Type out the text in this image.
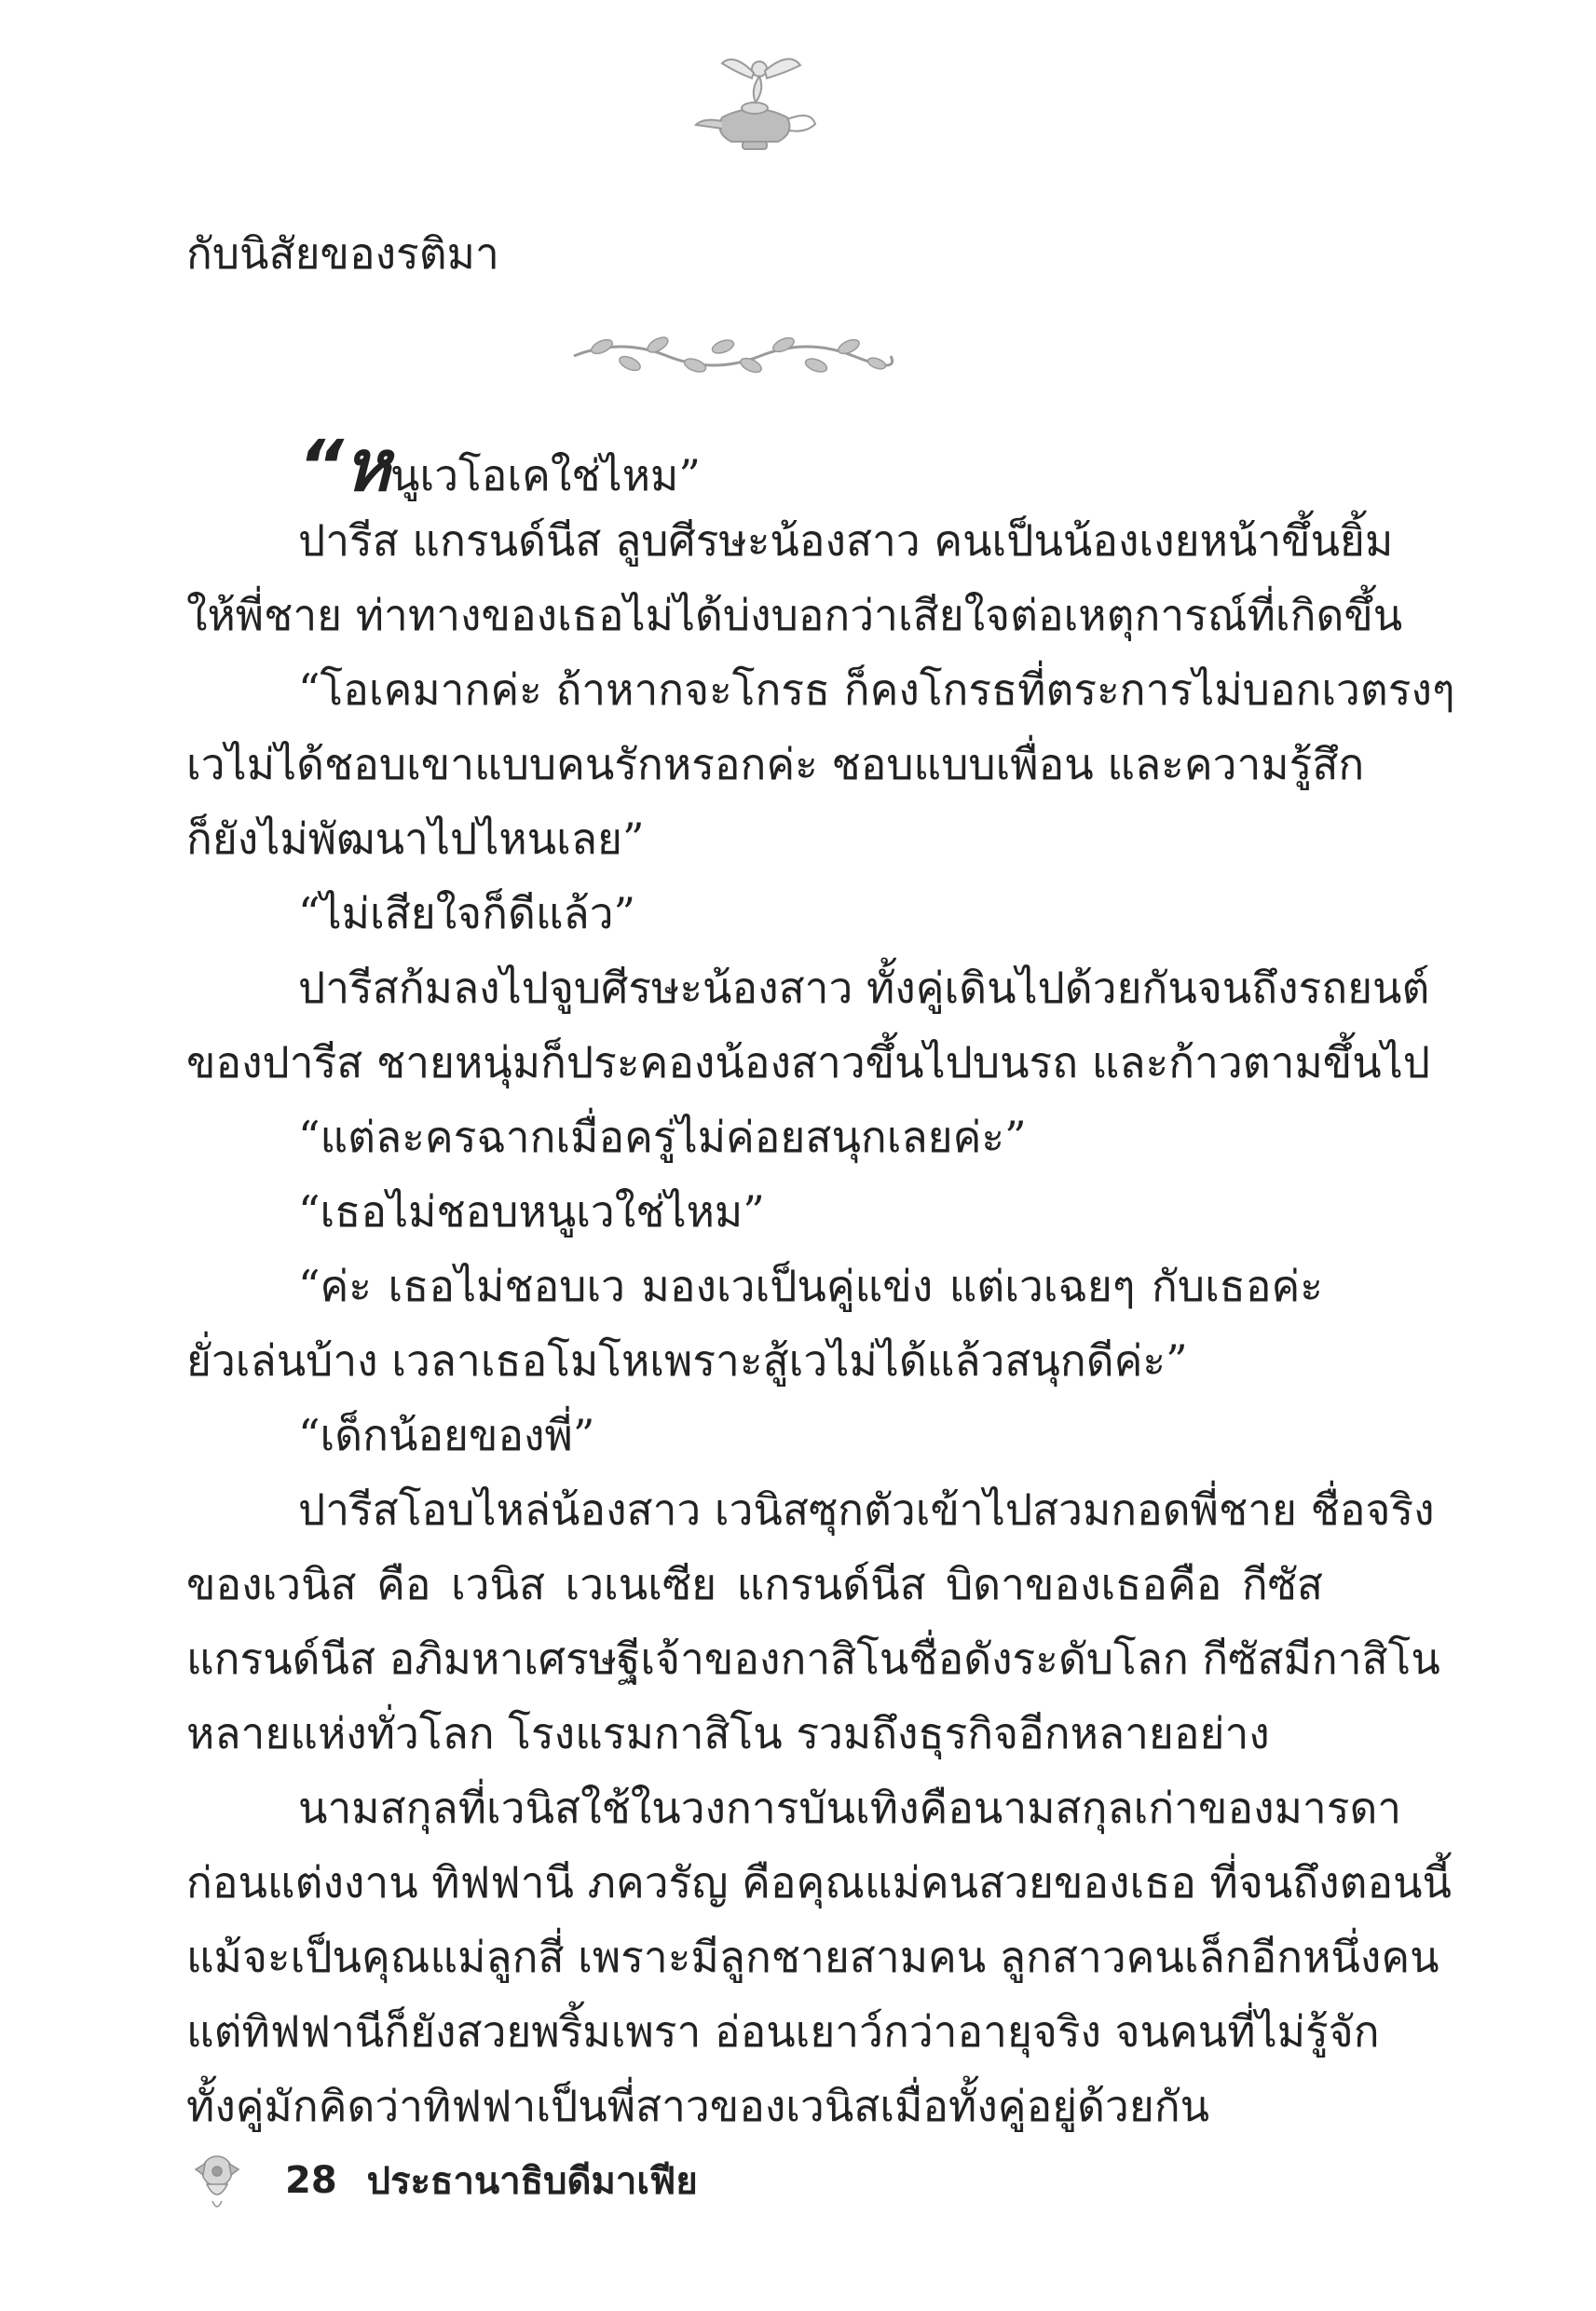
กับนิสัยของรติมา
“หนูเวโอเคใช่ไหม”
ปารีส แกรนด์นีส ลูบศีรษะน้องสาว คนเป็นน้องเงยหน้าขึ้นยิ้ม
ให้พี่ชาย ท่าทางของเธอไม่ได้บ่งบอกว่าเสียใจต่อเหตุการณ์ที่เกิดขึ้น
“โอเคมากค่ะ ถ้าหากจะโกรธ ก็คงโกรธที่ตระการไม่บอกเวตรงๆ
เวไม่ได้ชอบเขาแบบคนรักหรอกค่ะ ชอบแบบเพื่อน และความรู้สึก
ก็ยังไม่พัฒนาไปไหนเลย”
“ไม่เสียใจก็ดีแล้ว”
ปารีสก้มลงไปจูบศีรษะน้องสาว ทั้งคู่เดินไปด้วยกันจนถึงรถยนต์
ของปารีส ชายหนุ่มก็ประคองน้องสาวขึ้นไปบนรถ และก้าวตามขึ้นไป
“แต่ละครฉากเมื่อครู่ไม่ค่อยสนุกเลยค่ะ”
“เธอไม่ชอบหนูเวใช่ไหม”
“ค่ะ เธอไม่ชอบเว มองเวเป็นคู่แข่ง แต่เวเฉยๆ กับเธอค่ะ
ยั่วเล่นบ้าง เวลาเธอโมโหเพราะสู้เวไม่ได้แล้วสนุกดีค่ะ”
“เด็กน้อยของพี่”
ปารีสโอบไหล่น้องสาว เวนิสซุกตัวเข้าไปสวมกอดพี่ชาย ชื่อจริง
ของเวนิส คือ เวนิส เวเนเซีย แกรนด์นีส บิดาของเธอคือ กีซัส
แกรนด์นีส อภิมหาเศรษฐีเจ้าของกาสิโนชื่อดังระดับโลก กีซัสมีกาสิโน
หลายแห่งทั่วโลก โรงแรมกาสิโน รวมถึงธุรกิจอีกหลายอย่าง
นามสกุลที่เวนิสใช้ในวงการบันเทิงคือนามสกุลเก่าของมารดา
ก่อนแต่งงาน ทิฟฟานี ภควรัญ คือคุณแม่คนสวยของเธอ ที่จนถึงตอนนี้
แม้จะเป็นคุณแม่ลูกสี่ เพราะมีลูกชายสามคน ลูกสาวคนเล็กอีกหนึ่งคน
แต่ทิฟฟานีก็ยังสวยพริ้มเพรา อ่อนเยาว์กว่าอายุจริง จนคนที่ไม่รู้จัก
ทั้งคู่มักคิดว่าทิฟฟาเป็นพี่สาวของเวนิสเมื่อทั้งคู่อยู่ด้วยกัน
28 ประธานาธิบดีมาเฟีย
